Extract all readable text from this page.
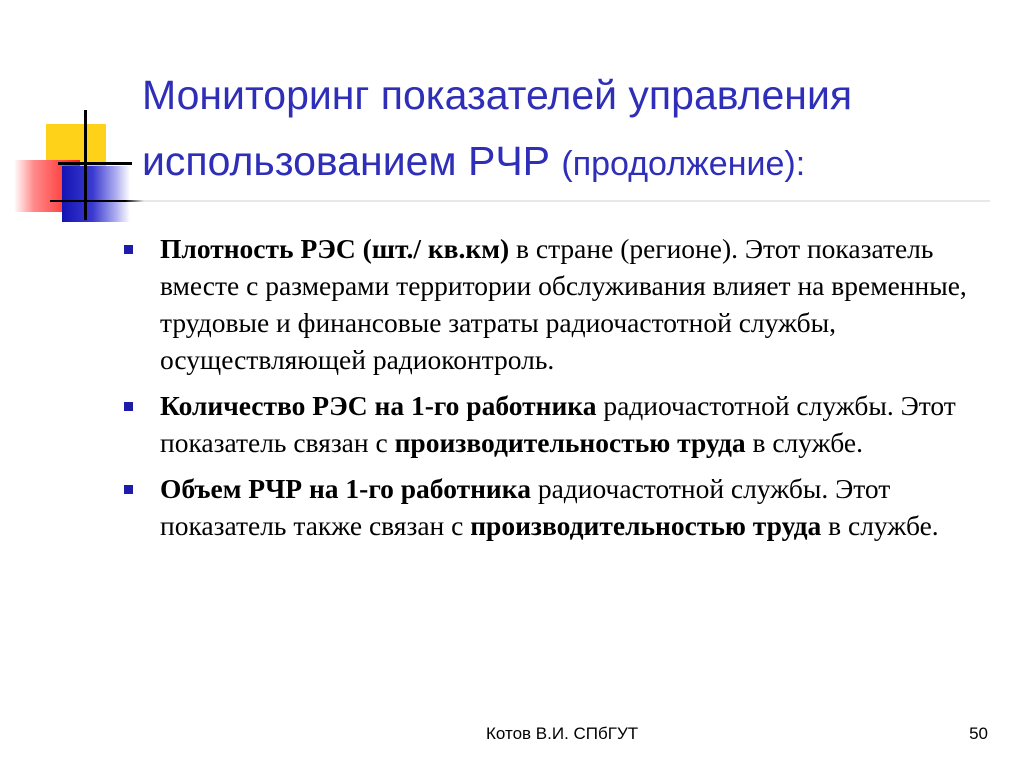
Мониторинг показателей управления использованием РЧР (продолжение):
Плотность РЭС (шт./ кв.км) в стране (регионе). Этот показатель вместе с размерами территории обслуживания влияет на временные, трудовые и финансовые затраты радиочастотной службы, осуществляющей радиоконтроль.
Количество РЭС на 1-го работника радиочастотной службы. Этот показатель связан с производительностью труда в службе.
Объем РЧР на 1-го работника радиочастотной службы. Этот показатель также связан с производительностью труда в службе.
Котов В.И. СПбГУТ	50
